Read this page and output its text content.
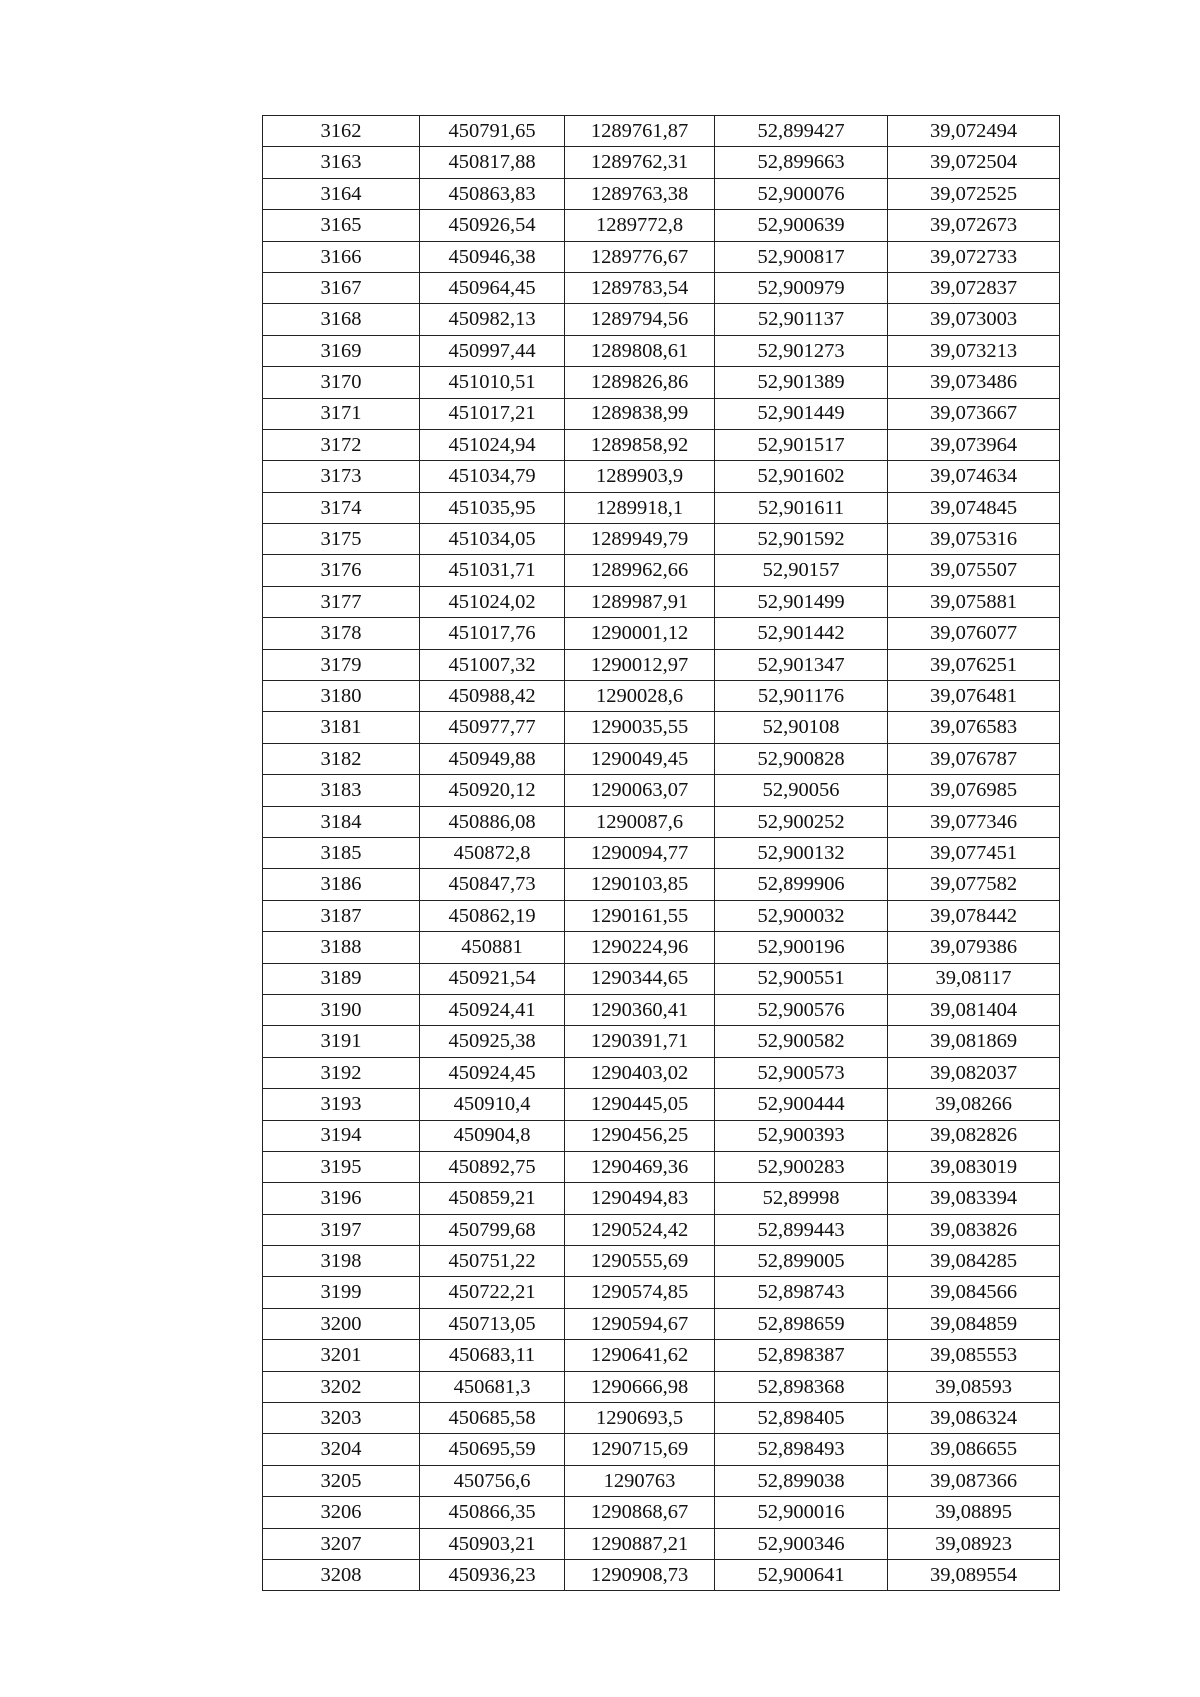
3162	450791,65	1289761,87	52,899427	39,072494
3163	450817,88	1289762,31	52,899663	39,072504
3164	450863,83	1289763,38	52,900076	39,072525
3165	450926,54	1289772,8	52,900639	39,072673
3166	450946,38	1289776,67	52,900817	39,072733
3167	450964,45	1289783,54	52,900979	39,072837
3168	450982,13	1289794,56	52,901137	39,073003
3169	450997,44	1289808,61	52,901273	39,073213
3170	451010,51	1289826,86	52,901389	39,073486
3171	451017,21	1289838,99	52,901449	39,073667
3172	451024,94	1289858,92	52,901517	39,073964
3173	451034,79	1289903,9	52,901602	39,074634
3174	451035,95	1289918,1	52,901611	39,074845
3175	451034,05	1289949,79	52,901592	39,075316
3176	451031,71	1289962,66	52,90157	39,075507
3177	451024,02	1289987,91	52,901499	39,075881
3178	451017,76	1290001,12	52,901442	39,076077
3179	451007,32	1290012,97	52,901347	39,076251
3180	450988,42	1290028,6	52,901176	39,076481
3181	450977,77	1290035,55	52,90108	39,076583
3182	450949,88	1290049,45	52,900828	39,076787
3183	450920,12	1290063,07	52,90056	39,076985
3184	450886,08	1290087,6	52,900252	39,077346
3185	450872,8	1290094,77	52,900132	39,077451
3186	450847,73	1290103,85	52,899906	39,077582
3187	450862,19	1290161,55	52,900032	39,078442
3188	450881	1290224,96	52,900196	39,079386
3189	450921,54	1290344,65	52,900551	39,08117
3190	450924,41	1290360,41	52,900576	39,081404
3191	450925,38	1290391,71	52,900582	39,081869
3192	450924,45	1290403,02	52,900573	39,082037
3193	450910,4	1290445,05	52,900444	39,08266
3194	450904,8	1290456,25	52,900393	39,082826
3195	450892,75	1290469,36	52,900283	39,083019
3196	450859,21	1290494,83	52,89998	39,083394
3197	450799,68	1290524,42	52,899443	39,083826
3198	450751,22	1290555,69	52,899005	39,084285
3199	450722,21	1290574,85	52,898743	39,084566
3200	450713,05	1290594,67	52,898659	39,084859
3201	450683,11	1290641,62	52,898387	39,085553
3202	450681,3	1290666,98	52,898368	39,08593
3203	450685,58	1290693,5	52,898405	39,086324
3204	450695,59	1290715,69	52,898493	39,086655
3205	450756,6	1290763	52,899038	39,087366
3206	450866,35	1290868,67	52,900016	39,08895
3207	450903,21	1290887,21	52,900346	39,08923
3208	450936,23	1290908,73	52,900641	39,089554
